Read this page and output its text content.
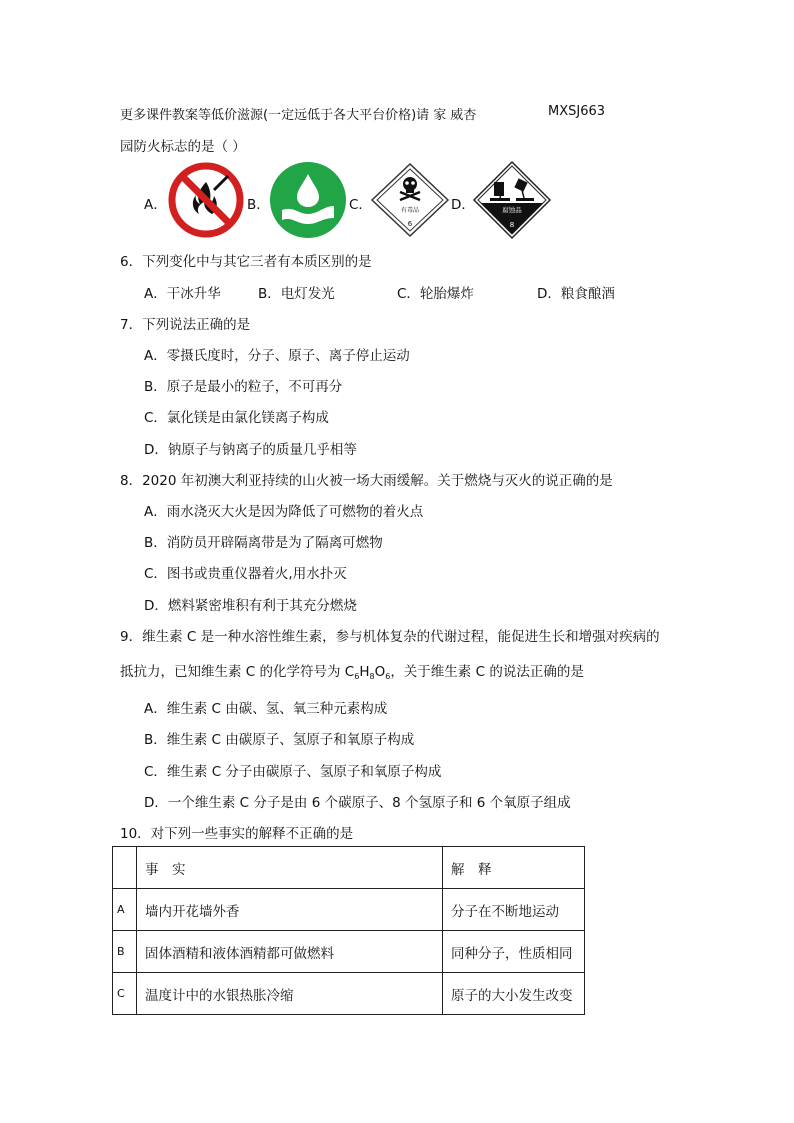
更多课件教案等低价滋源(一定远低于各大平台价格)请 家 威杏	MXSJ663
园防火标志的是（ ）
A．	B．	C．	有毒品
6
D．	腐蚀品
8
6．下列变化中与其它三者有本质区别的是
A．干冰升华	B．电灯发光	C．轮胎爆炸	D．粮食酿酒
7．下列说法正确的是
A．零摄氏度时，分子、原子、离子停止运动
B．原子是最小的粒子，不可再分
C．氯化镁是由氯化镁离子构成
D．钠原子与钠离子的质量几乎相等
8．2020 年初澳大利亚持续的山火被一场大雨缓解。关于燃烧与灭火的说正确的是
A．雨水浇灭大火是因为降低了可燃物的着火点
B．消防员开辟隔离带是为了隔离可燃物
C．图书或贵重仪器着火,用水扑灭
D．燃料紧密堆积有利于其充分燃烧
9．维生素 C 是一种水溶性维生素，参与机体复杂的代谢过程，能促进生长和增强对疾病的
抵抗力，已知维生素 C 的化学符号为 $C_6H_8O_6$，关于维生素 C 的说法正确的是
A．维生素 C 由碳、氢、氧三种元素构成
B．维生素 C 由碳原子、氢原子和氧原子构成
C．维生素 C 分子由碳原子、氢原子和氧原子构成
D．一个维生素 C 分子是由 6 个碳原子、8 个氢原子和 6 个氧原子组成
10．对下列一些事实的解释不正确的是
	事　实	解　释
A	墙内开花墙外香	分子在不断地运动
B	固体酒精和液体酒精都可做燃料	同种分子，性质相同
C	温度计中的水银热胀冷缩	原子的大小发生改变
